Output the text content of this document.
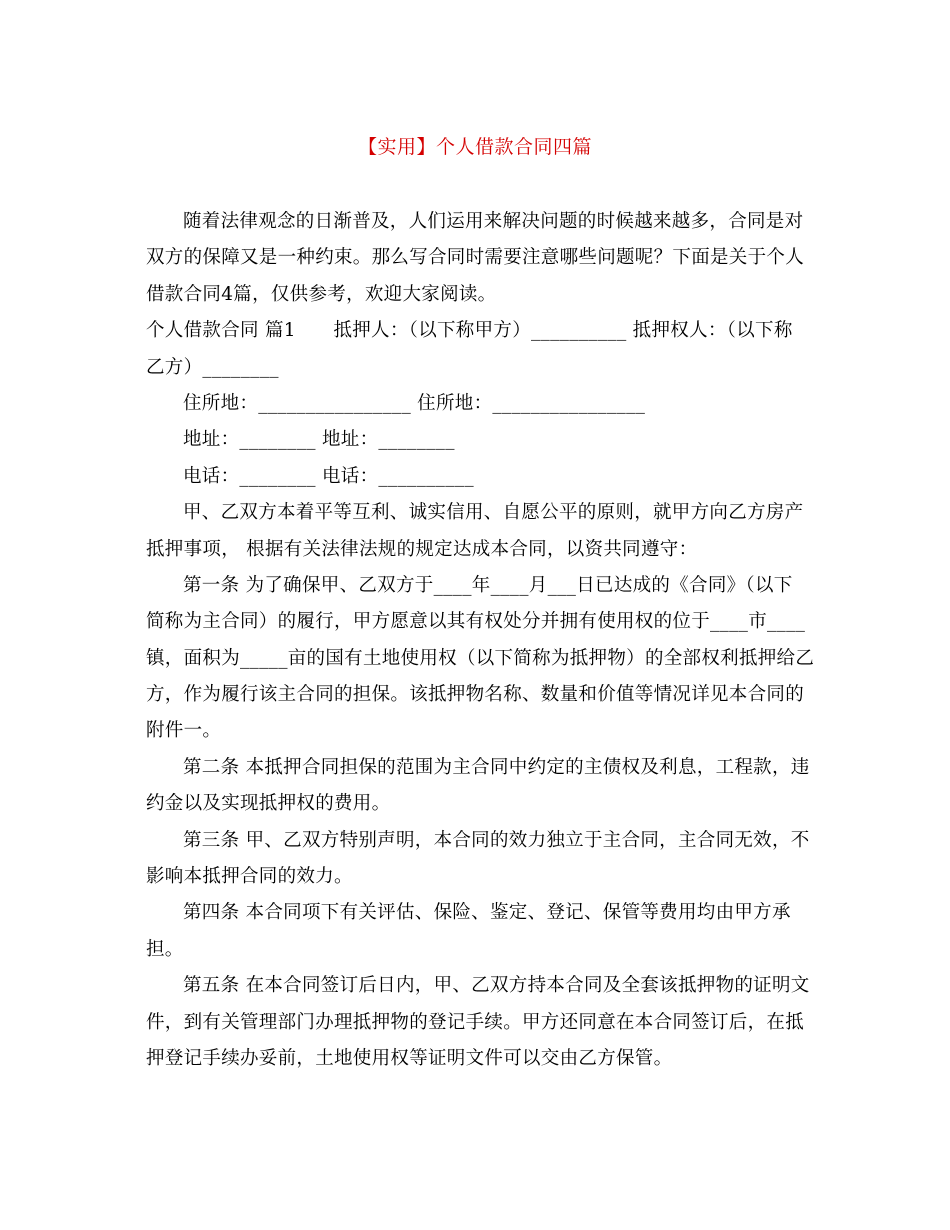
【实用】个人借款合同四篇
随着法律观念的日渐普及，人们运用来解决问题的时候越来越多，合同是对
双方的保障又是一种约束。那么写合同时需要注意哪些问题呢？下面是关于个人
借款合同4篇，仅供参考，欢迎大家阅读。
个人借款合同 篇1　　抵押人：（以下称甲方）__________ 抵押权人：（以下称
乙方）________
住所地：________________ 住所地：________________
地址：________ 地址：________
电话：________ 电话：__________
甲、乙双方本着平等互利、诚实信用、自愿公平的原则，就甲方向乙方房产
抵押事项， 根据有关法律法规的规定达成本合同，以资共同遵守：
第一条 为了确保甲、乙双方于____年____月___日已达成的《合同》（以下
简称为主合同）的履行，甲方愿意以其有权处分并拥有使用权的位于____市____
镇，面积为_____亩的国有土地使用权（以下简称为抵押物）的全部权利抵押给乙
方，作为履行该主合同的担保。该抵押物名称、数量和价值等情况详见本合同的
附件一。
第二条 本抵押合同担保的范围为主合同中约定的主债权及利息，工程款，违
约金以及实现抵押权的费用。
第三条 甲、乙双方特别声明，本合同的效力独立于主合同，主合同无效，不
影响本抵押合同的效力。
第四条 本合同项下有关评估、保险、鉴定、登记、保管等费用均由甲方承
担。
第五条 在本合同签订后日内，甲、乙双方持本合同及全套该抵押物的证明文
件，到有关管理部门办理抵押物的登记手续。甲方还同意在本合同签订后，在抵
押登记手续办妥前，土地使用权等证明文件可以交由乙方保管。
